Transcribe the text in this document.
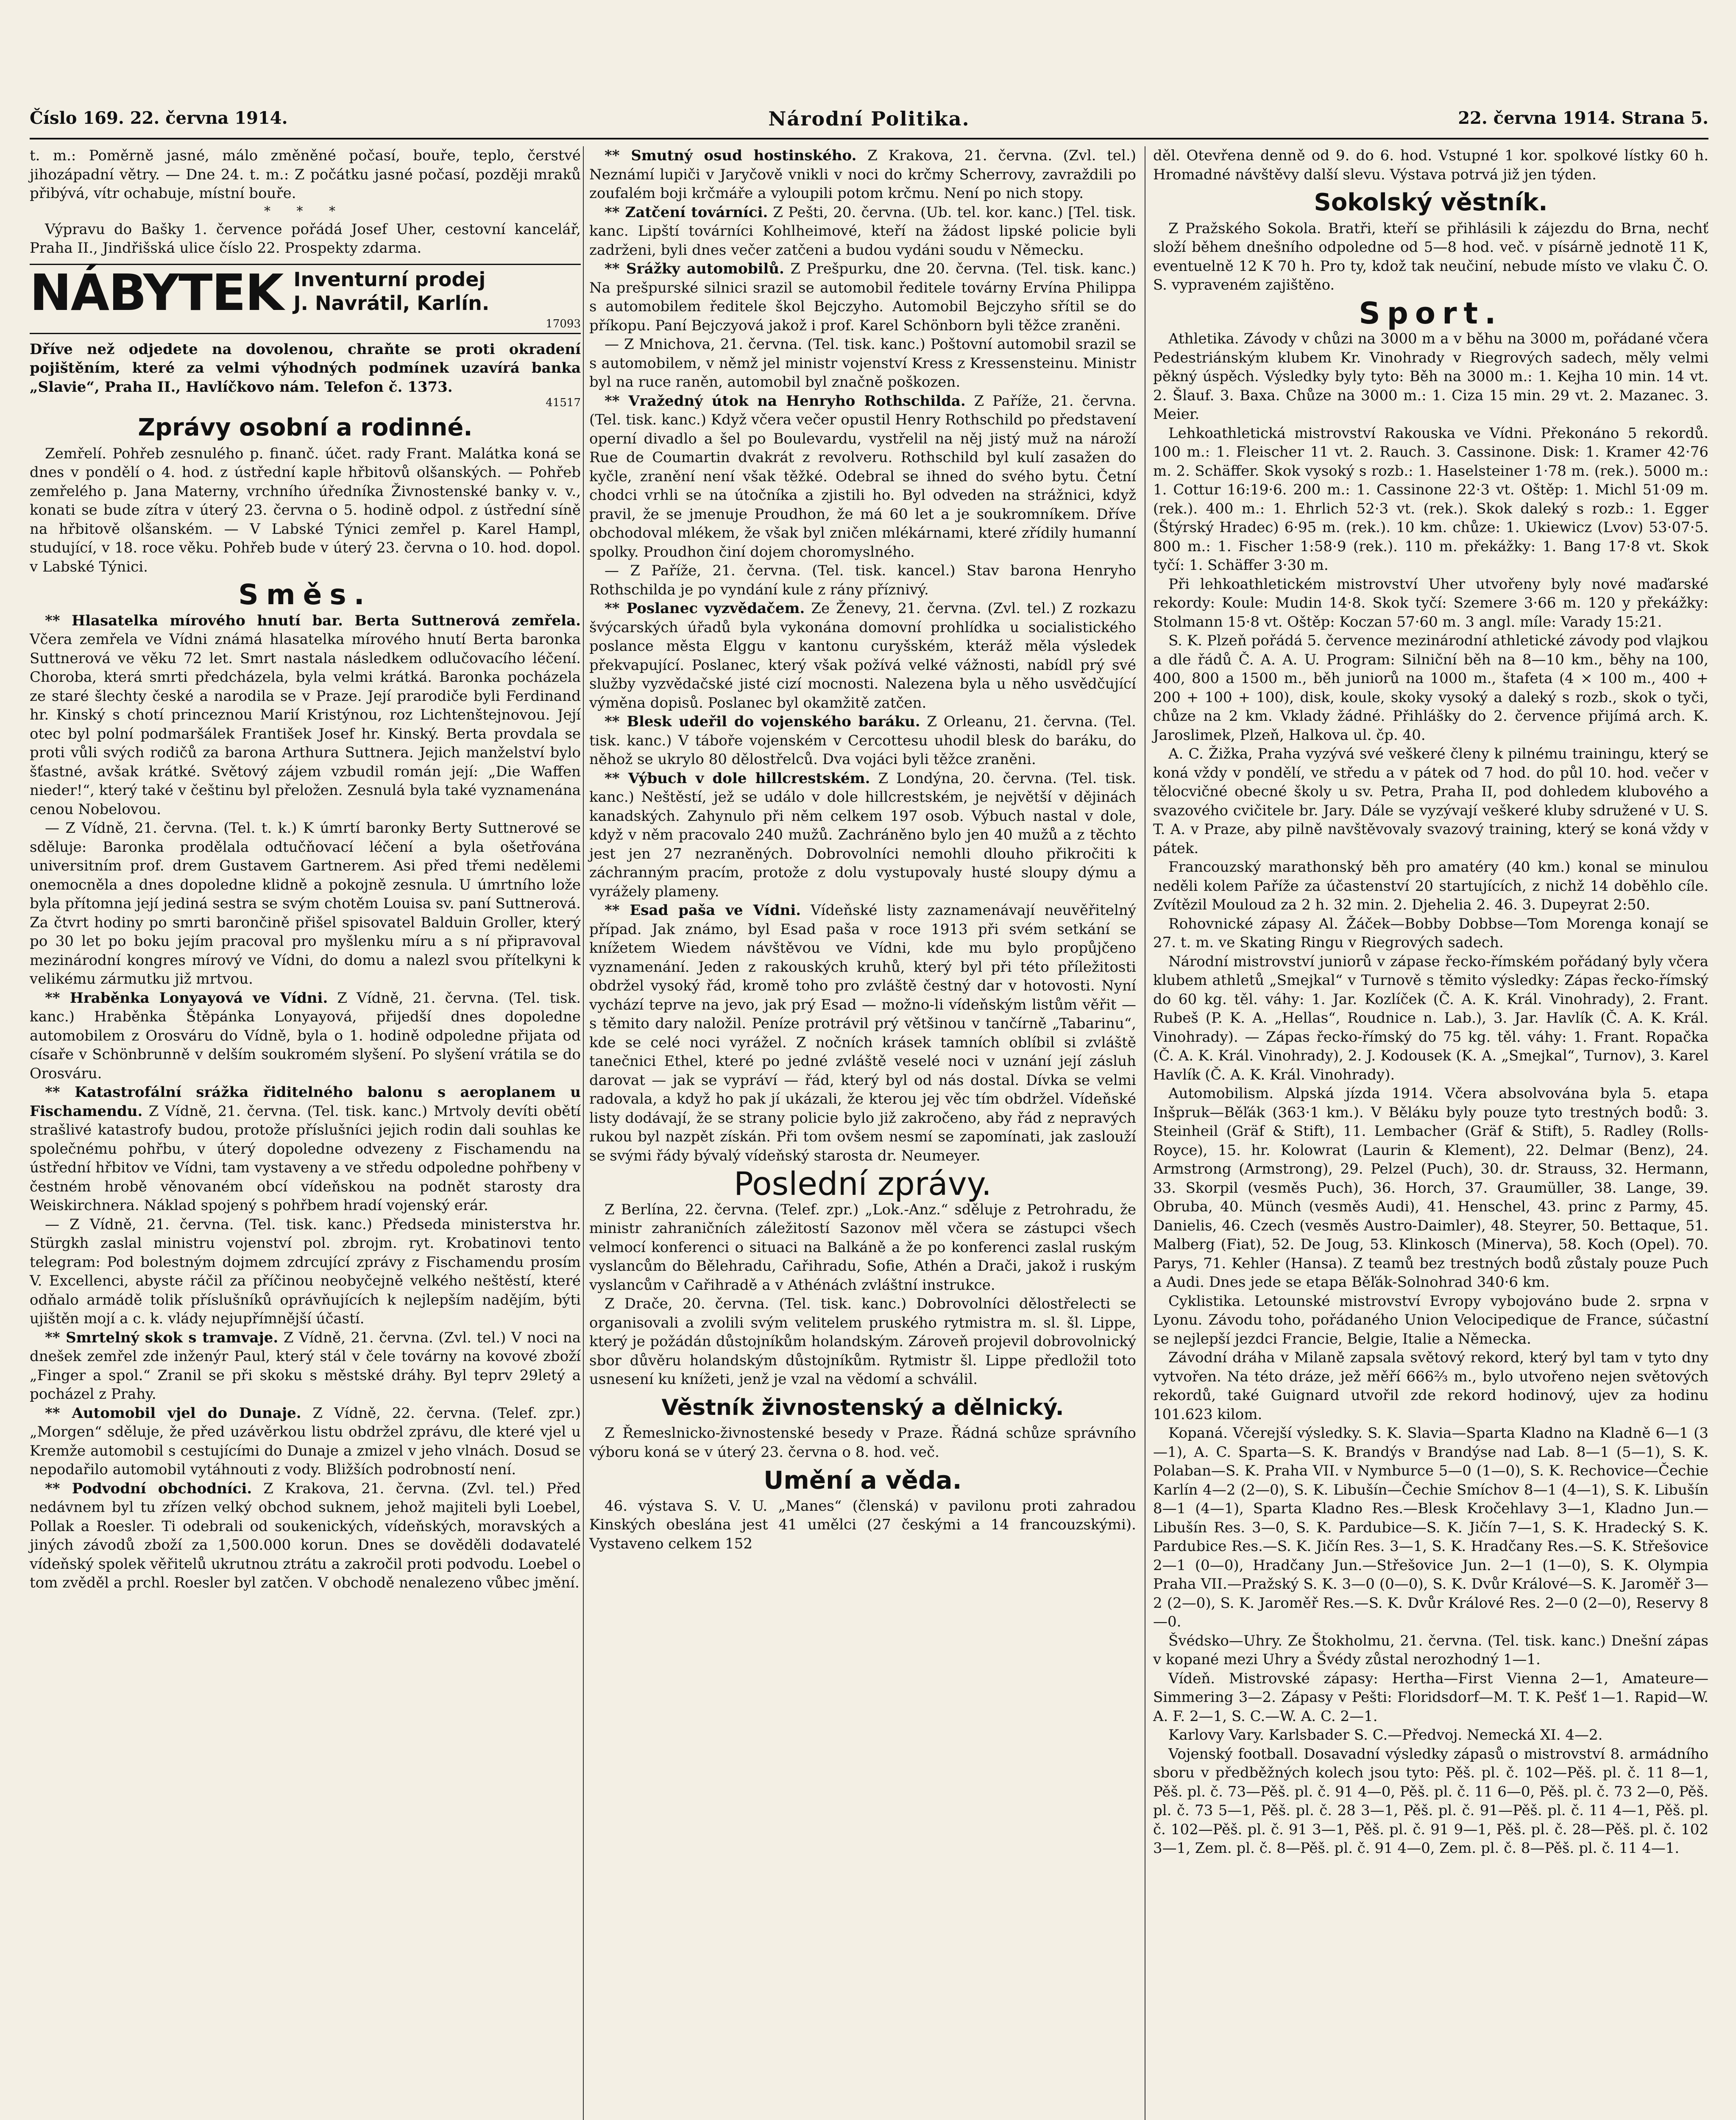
Číslo 169. 22. června 1914.	Národní Politika.	22. června 1914. Strana 5.

t. m.: Poměrně jasné, málo změněné počasí, bouře, teplo, čerstvé jihozápadní větry. — Dne 24. t. m.: Z počátku jasné počasí, později mraků přibývá, vítr ochabuje, místní bouře.

* * *

Výpravu do Bašky 1. července pořádá Josef Uher, cestovní kancelář, Praha II., Jindřišská ulice číslo 22. Prospekty zdarma.

NÁBYTEK Inventurní prodej
J. Navrátil, Karlín.
17093

Dříve než odjedete na dovolenou, chraňte se proti okradení pojištěním, které za velmi výhodných podmínek uzavírá banka „Slavie“, Praha II., Havlíčkovo nám. Telefon č. 1373.

41517
Zprávy osobní a rodinné.

Zemřelí. Pohřeb zesnulého p. finanč. účet. rady Frant. Malátka koná se dnes v pondělí o 4. hod. z ústřední kaple hřbitovů olšanských. — Pohřeb zemřelého p. Jana Materny, vrchního úředníka Živnostenské banky v. v., konati se bude zítra v úterý 23. června o 5. hodině odpol. z ústřední síně na hřbitově olšanském. — V Labské Týnici zemřel p. Karel Hampl, studující, v 18. roce věku. Pohřeb bude v úterý 23. června o 10. hod. dopol. v Labské Týnici.

Směs.

** Hlasatelka mírového hnutí bar. Berta Suttnerová zemřela. Včera zemřela ve Vídni známá hlasatelka mírového hnutí Berta baronka Suttnerová ve věku 72 let. Smrt nastala následkem odlučovacího léčení. Choroba, která smrti předcházela, byla velmi krátká. Baronka pocházela ze staré šlechty české a narodila se v Praze. Její prarodiče byli Ferdinand hr. Kinský s chotí princeznou Marií Kristýnou, roz Lichtenštejnovou. Její otec byl polní podmaršálek František Josef hr. Kinský. Berta provdala se proti vůli svých rodičů za barona Arthura Suttnera. Jejich manželství bylo šťastné, avšak krátké. Světový zájem vzbudil román její: „Die Waffen nieder!“, který také v češtinu byl přeložen. Zesnulá byla také vyznamenána cenou Nobelovou.

— Z Vídně, 21. června. (Tel. t. k.) K úmrtí baronky Berty Suttnerové se sděluje: Baronka prodělala odtučňovací léčení a byla ošetřována universitním prof. drem Gustavem Gartnerem. Asi před třemi nedělemi onemocněla a dnes dopoledne klidně a pokojně zesnula. U úmrtního lože byla přítomna její jediná sestra se svým chotěm Louisa sv. paní Suttnerová. Za čtvrt hodiny po smrti barončině přišel spisovatel Balduin Groller, který po 30 let po boku jejím pracoval pro myšlenku míru a s ní připravoval mezinárodní kongres mírový ve Vídni, do domu a nalezl svou přítelkyni k velikému zármutku již mrtvou.

** Hraběnka Lonyayová ve Vídni. Z Vídně, 21. června. (Tel. tisk. kanc.) Hraběnka Štěpánka Lonyayová, přijedší dnes dopoledne automobilem z Orosváru do Vídně, byla o 1. hodině odpoledne přijata od císaře v Schönbrunně v delším soukromém slyšení. Po slyšení vrátila se do Orosváru.

** Katastrofální srážka řiditelného balonu s aeroplanem u Fischamendu. Z Vídně, 21. června. (Tel. tisk. kanc.) Mrtvoly devíti obětí strašlivé katastrofy budou, protože příslušníci jejich rodin dali souhlas ke společnému pohřbu, v úterý dopoledne odvezeny z Fischamendu na ústřední hřbitov ve Vídni, tam vystaveny a ve středu odpoledne pohřbeny v čestném hrobě věnovaném obcí vídeňskou na podnět starosty dra Weiskirchnera. Náklad spojený s pohřbem hradí vojenský erár.

— Z Vídně, 21. června. (Tel. tisk. kanc.) Předseda ministerstva hr. Stürgkh zaslal ministru vojenství pol. zbrojm. ryt. Krobatinovi tento telegram: Pod bolestným dojmem zdrcující zprávy z Fischamendu prosím V. Excellenci, abyste ráčil za příčinou neobyčejně velkého neštěstí, které odňalo armádě tolik příslušníků oprávňujících k nejlepším nadějím, býti ujištěn mojí a c. k. vlády nejupřímnější účastí.

** Smrtelný skok s tramvaje. Z Vídně, 21. června. (Zvl. tel.) V noci na dnešek zemřel zde inženýr Paul, který stál v čele továrny na kovové zboží „Finger a spol.“ Zranil se při skoku s městské dráhy. Byl teprv 29letý a pocházel z Prahy.

** Automobil vjel do Dunaje. Z Vídně, 22. června. (Telef. zpr.) „Morgen“ sděluje, že před uzávěrkou listu obdržel zprávu, dle které vjel u Kremže automobil s cestujícími do Dunaje a zmizel v jeho vlnách. Dosud se nepodařilo automobil vytáhnouti z vody. Bližších podrobností není.

** Podvodní obchodníci. Z Krakova, 21. června. (Zvl. tel.) Před nedávnem byl tu zřízen velký obchod suknem, jehož majiteli byli Loebel, Pollak a Roesler. Ti odebrali od soukenických, vídeňských, moravských a jiných závodů zboží za 1,500.000 korun. Dnes se dověděli dodavatelé vídeňský spolek věřitelů ukrutnou ztrátu a zakročil proti podvodu. Loebel o tom zvěděl a prchl. Roesler byl zatčen. V obchodě nenalezeno vůbec jmění.

** Smutný osud hostinského. Z Krakova, 21. června. (Zvl. tel.) Neznámí lupiči v Jaryčově vnikli v noci do krčmy Scherrovy, zavraždili po zoufalém boji krčmáře a vyloupili potom krčmu. Není po nich stopy.

** Zatčení továrníci. Z Pešti, 20. června. (Ub. tel. kor. kanc.) [Tel. tisk. kanc. Lipští továrníci Kohlheimové, kteří na žádost lipské policie byli zadrženi, byli dnes večer zatčeni a budou vydáni soudu v Německu.

** Srážky automobilů. Z Prešpurku, dne 20. června. (Tel. tisk. kanc.) Na prešpurské silnici srazil se automobil ředitele továrny Ervína Philippa s automobilem ředitele škol Bejczyho. Automobil Bejczyho sřítil se do příkopu. Paní Bejczyová jakož i prof. Karel Schönborn byli těžce zraněni.

— Z Mnichova, 21. června. (Tel. tisk. kanc.) Poštovní automobil srazil se s automobilem, v němž jel ministr vojenství Kress z Kressensteinu. Ministr byl na ruce raněn, automobil byl značně poškozen.

** Vražedný útok na Henryho Rothschilda. Z Paříže, 21. června. (Tel. tisk. kanc.) Když včera večer opustil Henry Rothschild po představení operní divadlo a šel po Boulevardu, vystřelil na něj jistý muž na nároží Rue de Coumartin dvakrát z revolveru. Rothschild byl kulí zasažen do kyčle, zranění není však těžké. Odebral se ihned do svého bytu. Četní chodci vrhli se na útočníka a zjistili ho. Byl odveden na strážnici, když pravil, že se jmenuje Proudhon, že má 60 let a je soukromníkem. Dříve obchodoval mlékem, že však byl zničen mlékárnami, které zřídily humanní spolky. Proudhon činí dojem choromyslného.

— Z Paříže, 21. června. (Tel. tisk. kancel.) Stav barona Henryho Rothschilda je po vyndání kule z rány příznivý.

** Poslanec vyzvědačem. Ze Ženevy, 21. června. (Zvl. tel.) Z rozkazu švýcarských úřadů byla vykonána domovní prohlídka u socialistického poslance města Elggu v kantonu curyšském, kteráž měla výsledek překvapující. Poslanec, který však požívá velké vážnosti, nabídl prý své služby vyzvědačské jisté cizí mocnosti. Nalezena byla u něho usvědčující výměna dopisů. Poslanec byl okamžitě zatčen.

** Blesk udeřil do vojenského baráku. Z Orleanu, 21. června. (Tel. tisk. kanc.) V táboře vojenském v Cercottesu uhodil blesk do baráku, do něhož se ukrylo 80 dělostřelců. Dva vojáci byli těžce zraněni.

** Výbuch v dole hillcrestském. Z Londýna, 20. června. (Tel. tisk. kanc.) Neštěstí, jež se událo v dole hillcrestském, je největší v dějinách kanadských. Zahynulo při něm celkem 197 osob. Výbuch nastal v dole, když v něm pracovalo 240 mužů. Zachráněno bylo jen 40 mužů a z těchto jest jen 27 nezraněných. Dobrovolníci nemohli dlouho přikročiti k záchranným pracím, protože z dolu vystupovaly husté sloupy dýmu a vyrážely plameny.

** Esad paša ve Vídni. Vídeňské listy zaznamenávají neuvěřitelný případ. Jak známo, byl Esad paša v roce 1913 při svém setkání se knížetem Wiedem návštěvou ve Vídni, kde mu bylo propůjčeno vyznamenání. Jeden z rakouských kruhů, který byl při této příležitosti obdržel vysoký řád, kromě toho pro zvláště čestný dar v hotovosti. Nyní vychází teprve na jevo, jak prý Esad — možno-li vídeňským listům věřit — s těmito dary naložil. Peníze protrávil prý většinou v tančírně „Tabarinu“, kde se celé noci vyrážel. Z nočních krásek tamních oblíbil si zvláště tanečnici Ethel, které po jedné zvláště veselé noci v uznání její zásluh darovat — jak se vypráví — řád, který byl od nás dostal. Dívka se velmi radovala, a když ho pak jí ukázali, že kterou jej věc tím obdržel. Vídeňské listy dodávají, že se strany policie bylo již zakročeno, aby řád z nepravých rukou byl nazpět získán. Při tom ovšem nesmí se zapomínati, jak zaslouží se svými řády bývalý vídeňský starosta dr. Neumeyer.

Poslední zprávy.

Z Berlína, 22. června. (Telef. zpr.) „Lok.-Anz.“ sděluje z Petrohradu, že ministr zahraničních záležitostí Sazonov měl včera se zástupci všech velmocí konferenci o situaci na Balkáně a že po konferenci zaslal ruským vyslancům do Bělehradu, Cařihradu, Sofie, Athén a Drači, jakož i ruským vyslancům v Cařihradě a v Athénách zvláštní instrukce.

Z Drače, 20. června. (Tel. tisk. kanc.) Dobrovolníci dělostřelecti se organisovali a zvolili svým velitelem pruského rytmistra m. sl. šl. Lippe, který je požádán důstojníkům holandským. Zároveň projevil dobrovolnický sbor důvěru holandským důstojníkům. Rytmistr šl. Lippe předložil toto usnesení ku knížeti, jenž je vzal na vědomí a schválil.

Věstník živnostenský a dělnický.

Z Řemeslnicko-živnostenské besedy v Praze. Řádná schůze správního výboru koná se v úterý 23. června o 8. hod. več.

Umění a věda.

46. výstava S. V. U. „Manes“ (členská) v pavilonu proti zahradou Kinských obeslána jest 41 umělci (27 českými a 14 francouzskými). Vystaveno celkem 152

děl. Otevřena denně od 9. do 6. hod. Vstupné 1 kor. spolkové lístky 60 h. Hromadné návštěvy další slevu. Výstava potrvá již jen týden.

Sokolský věstník.

Z Pražského Sokola. Bratři, kteří se přihlásili k zájezdu do Brna, nechť složí během dnešního odpoledne od 5—8 hod. več. v písárně jednotě 11 K, eventuelně 12 K 70 h. Pro ty, kdož tak neučiní, nebude místo ve vlaku Č. O. S. vypraveném zajištěno.

Sport.

Athletika. Závody v chůzi na 3000 m a v běhu na 3000 m, pořádané včera Pedestriánským klubem Kr. Vinohrady v Riegrových sadech, měly velmi pěkný úspěch. Výsledky byly tyto: Běh na 3000 m.: 1. Kejha 10 min. 14 vt. 2. Šlauf. 3. Baxa. Chůze na 3000 m.: 1. Ciza 15 min. 29 vt. 2. Mazanec. 3. Meier.

Lehkoathletická mistrovství Rakouska ve Vídni. Překonáno 5 rekordů. 100 m.: 1. Fleischer 11 vt. 2. Rauch. 3. Cassinone. Disk: 1. Kramer 42·76 m. 2. Schäffer. Skok vysoký s rozb.: 1. Haselsteiner 1·78 m. (rek.). 5000 m.: 1. Cottur 16:19·6. 200 m.: 1. Cassinone 22·3 vt. Oštěp: 1. Michl 51·09 m. (rek.). 400 m.: 1. Ehrlich 52·3 vt. (rek.). Skok daleký s rozb.: 1. Egger (Štýrský Hradec) 6·95 m. (rek.). 10 km. chůze: 1. Ukiewicz (Lvov) 53·07·5. 800 m.: 1. Fischer 1:58·9 (rek.). 110 m. překážky: 1. Bang 17·8 vt. Skok tyčí: 1. Schäffer 3·30 m.

Při lehkoathletickém mistrovství Uher utvořeny byly nové maďarské rekordy: Koule: Mudin 14·8. Skok tyčí: Szemere 3·66 m. 120 y překážky: Stolmann 15·8 vt. Oštěp: Koczan 57·60 m. 3 angl. míle: Varady 15:21.

S. K. Plzeň pořádá 5. července mezinárodní athletické závody pod vlajkou a dle řádů Č. A. A. U. Program: Silniční běh na 8—10 km., běhy na 100, 400, 800 a 1500 m., běh juniorů na 1000 m., štafeta (4 × 100 m., 400 + 200 + 100 + 100), disk, koule, skoky vysoký a daleký s rozb., skok o tyči, chůze na 2 km. Vklady žádné. Přihlášky do 2. července přijímá arch. K. Jaroslimek, Plzeň, Halkova ul. čp. 40.

A. C. Žižka, Praha vyzývá své veškeré členy k pilnému trainingu, který se koná vždy v pondělí, ve středu a v pátek od 7 hod. do půl 10. hod. večer v tělocvičné obecné školy u sv. Petra, Praha II, pod dohledem klubového a svazového cvičitele br. Jary. Dále se vyzývají veškeré kluby sdružené v U. S. T. A. v Praze, aby pilně navštěvovaly svazový training, který se koná vždy v pátek.

Francouzský marathonský běh pro amatéry (40 km.) konal se minulou neděli kolem Paříže za účastenství 20 startujících, z nichž 14 doběhlo cíle. Zvítězil Mouloud za 2 h. 32 min. 2. Djehelia 2. 46. 3. Dupeyrat 2:50.

Rohovnické zápasy Al. Žáček—Bobby Dobbse—Tom Morenga konají se 27. t. m. ve Skating Ringu v Riegrových sadech.

Národní mistrovství juniorů v zápase řecko-římském pořádaný byly včera klubem athletů „Smejkal“ v Turnově s těmito výsledky: Zápas řecko-římský do 60 kg. těl. váhy: 1. Jar. Kozlíček (Č. A. K. Král. Vinohrady), 2. Frant. Rubeš (P. K. A. „Hellas“, Roudnice n. Lab.), 3. Jar. Havlík (Č. A. K. Král. Vinohrady). — Zápas řecko-římský do 75 kg. těl. váhy: 1. Frant. Ropačka (Č. A. K. Král. Vinohrady), 2. J. Kodousek (K. A. „Smejkal“, Turnov), 3. Karel Havlík (Č. A. K. Král. Vinohrady).

Automobilism. Alpská jízda 1914. Včera absolvována byla 5. etapa Inšpruk—Běľák (363·1 km.). V Běláku byly pouze tyto trestných bodů: 3. Steinheil (Gräf & Stift), 11. Lembacher (Gräf & Stift), 5. Radley (Rolls-Royce), 15. hr. Kolowrat (Laurin & Klement), 22. Delmar (Benz), 24. Armstrong (Armstrong), 29. Pelzel (Puch), 30. dr. Strauss, 32. Hermann, 33. Skorpil (vesměs Puch), 36. Horch, 37. Graumüller, 38. Lange, 39. Obruba, 40. Münch (vesměs Audi), 41. Henschel, 43. princ z Parmy, 45. Danielis, 46. Czech (vesměs Austro-Daimler), 48. Steyrer, 50. Bettaque, 51. Malberg (Fiat), 52. De Joug, 53. Klinkosch (Minerva), 58. Koch (Opel). 70. Parys, 71. Kehler (Hansa). Z teamů bez trestných bodů zůstaly pouze Puch a Audi. Dnes jede se etapa Běľák-Solnohrad 340·6 km.

Cyklistika. Letounské mistrovství Evropy vybojováno bude 2. srpna v Lyonu. Závodu toho, pořádaného Union Velocipedique de France, súčastní se nejlepší jezdci Francie, Belgie, Italie a Německa.

Závodní dráha v Milaně zapsala světový rekord, který byl tam v tyto dny vytvořen. Na této dráze, jež měří 666⅔ m., bylo utvořeno nejen světových rekordů, také Guignard utvořil zde rekord hodinový, ujev za hodinu 101.623 kilom.

Kopaná. Včerejší výsledky. S. K. Slavia—Sparta Kladno na Kladně 6—1 (3—1), A. C. Sparta—S. K. Brandýs v Brandýse nad Lab. 8—1 (5—1), S. K. Polaban—S. K. Praha VII. v Nymburce 5—0 (1—0), S. K. Rechovice—Čechie Karlín 4—2 (2—0), S. K. Libušín—Čechie Smíchov 8—1 (4—1), S. K. Libušín 8—1 (4—1), Sparta Kladno Res.—Blesk Kročehlavy 3—1, Kladno Jun.—Libušín Res. 3—0, S. K. Pardubice—S. K. Jičín 7—1, S. K. Hradecký S. K. Pardubice Res.—S. K. Jičín Res. 3—1, S. K. Hradčany Res.—S. K. Střešovice 2—1 (0—0), Hradčany Jun.—Střešovice Jun. 2—1 (1—0), S. K. Olympia Praha VII.—Pražský S. K. 3—0 (0—0), S. K. Dvůr Králové—S. K. Jaroměř 3—2 (2—0), S. K. Jaroměř Res.—S. K. Dvůr Králové Res. 2—0 (2—0), Reservy 8—0.

Švédsko—Uhry. Ze Štokholmu, 21. června. (Tel. tisk. kanc.) Dnešní zápas v kopané mezi Uhry a Švédy zůstal nerozhodný 1—1.

Vídeň. Mistrovské zápasy: Hertha—First Vienna 2—1, Amateure—Simmering 3—2. Zápasy v Pešti: Floridsdorf—M. T. K. Pešť 1—1. Rapid—W. A. F. 2—1, S. C.—W. A. C. 2—1.

Karlovy Vary. Karlsbader S. C.—Předvoj. Nemecká XI. 4—2.

Vojenský football. Dosavadní výsledky zápasů o mistrovství 8. armádního sboru v předběžných kolech jsou tyto: Pěš. pl. č. 102—Pěš. pl. č. 11 8—1, Pěš. pl. č. 73—Pěš. pl. č. 91 4—0, Pěš. pl. č. 11 6—0, Pěš. pl. č. 73 2—0, Pěš. pl. č. 73 5—1, Pěš. pl. č. 28 3—1, Pěš. pl. č. 91—Pěš. pl. č. 11 4—1, Pěš. pl. č. 102—Pěš. pl. č. 91 3—1, Pěš. pl. č. 91 9—1, Pěš. pl. č. 28—Pěš. pl. č. 102 3—1, Zem. pl. č. 8—Pěš. pl. č. 91 4—0, Zem. pl. č. 8—Pěš. pl. č. 11 4—1.
